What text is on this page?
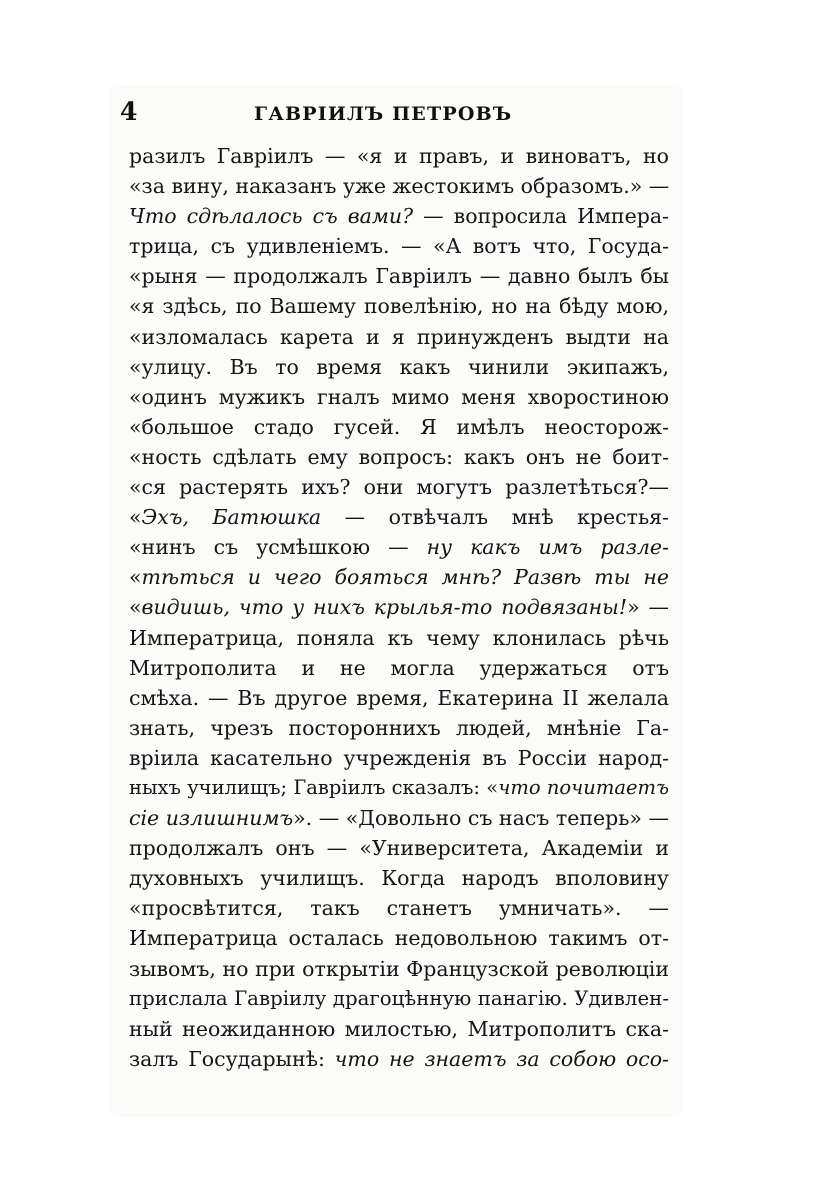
4	ГАВРІИЛЪ ПЕТРОВЪ
разилъ Гавріилъ — «я и правъ, и виноватъ, но
«за вину, наказанъ уже жестокимъ образомъ.» —
Что сдѣлалось съ вами? — вопросила Импера-
трица, съ удивленіемъ. — «А вотъ что, Госуда-
«рыня — продолжалъ Гавріилъ — давно былъ бы
«я здѣсь, по Вашему повелѣнію, но на бѣду мою,
«изломалась карета и я принужденъ выдти на
«улицу. Въ то время какъ чинили экипажъ,
«одинъ мужикъ гналъ мимо меня хворостиною
«большое стадо гусей. Я имѣлъ неосторож-
«ность сдѣлать ему вопросъ: какъ онъ не боит-
«ся растерять ихъ? они могутъ разлетѣться?—
«Эхъ, Батюшка — отвѣчалъ мнѣ крестья-
«нинъ съ усмѣшкою — ну какъ имъ разле-
«тѣться и чего бояться мнѣ? Развѣ ты не
«видишь, что у нихъ крылья-то подвязаны!» —
Императрица, поняла къ чему клонилась рѣчь
Митрополита и не могла удержаться отъ
смѣха. — Въ другое время, Екатерина II желала
знать, чрезъ постороннихъ людей, мнѣніе Га-
вріила касательно учрежденія въ Россіи народ-
ныхъ училищъ; Гавріилъ сказалъ: «что почитаетъ
сіе излишнимъ». — «Довольно съ насъ теперь» —
продолжалъ онъ — «Университета, Академіи и
духовныхъ училищъ. Когда народъ вполовину
«просвѣтится, такъ станетъ умничать». —
Императрица осталась недовольною такимъ от-
зывомъ, но при открытіи Французской революціи
прислала Гавріилу драгоцѣнную панагію. Удивлен-
ный неожиданною милостью, Митрополитъ ска-
залъ Государынѣ: что не знаетъ за собою осо-
